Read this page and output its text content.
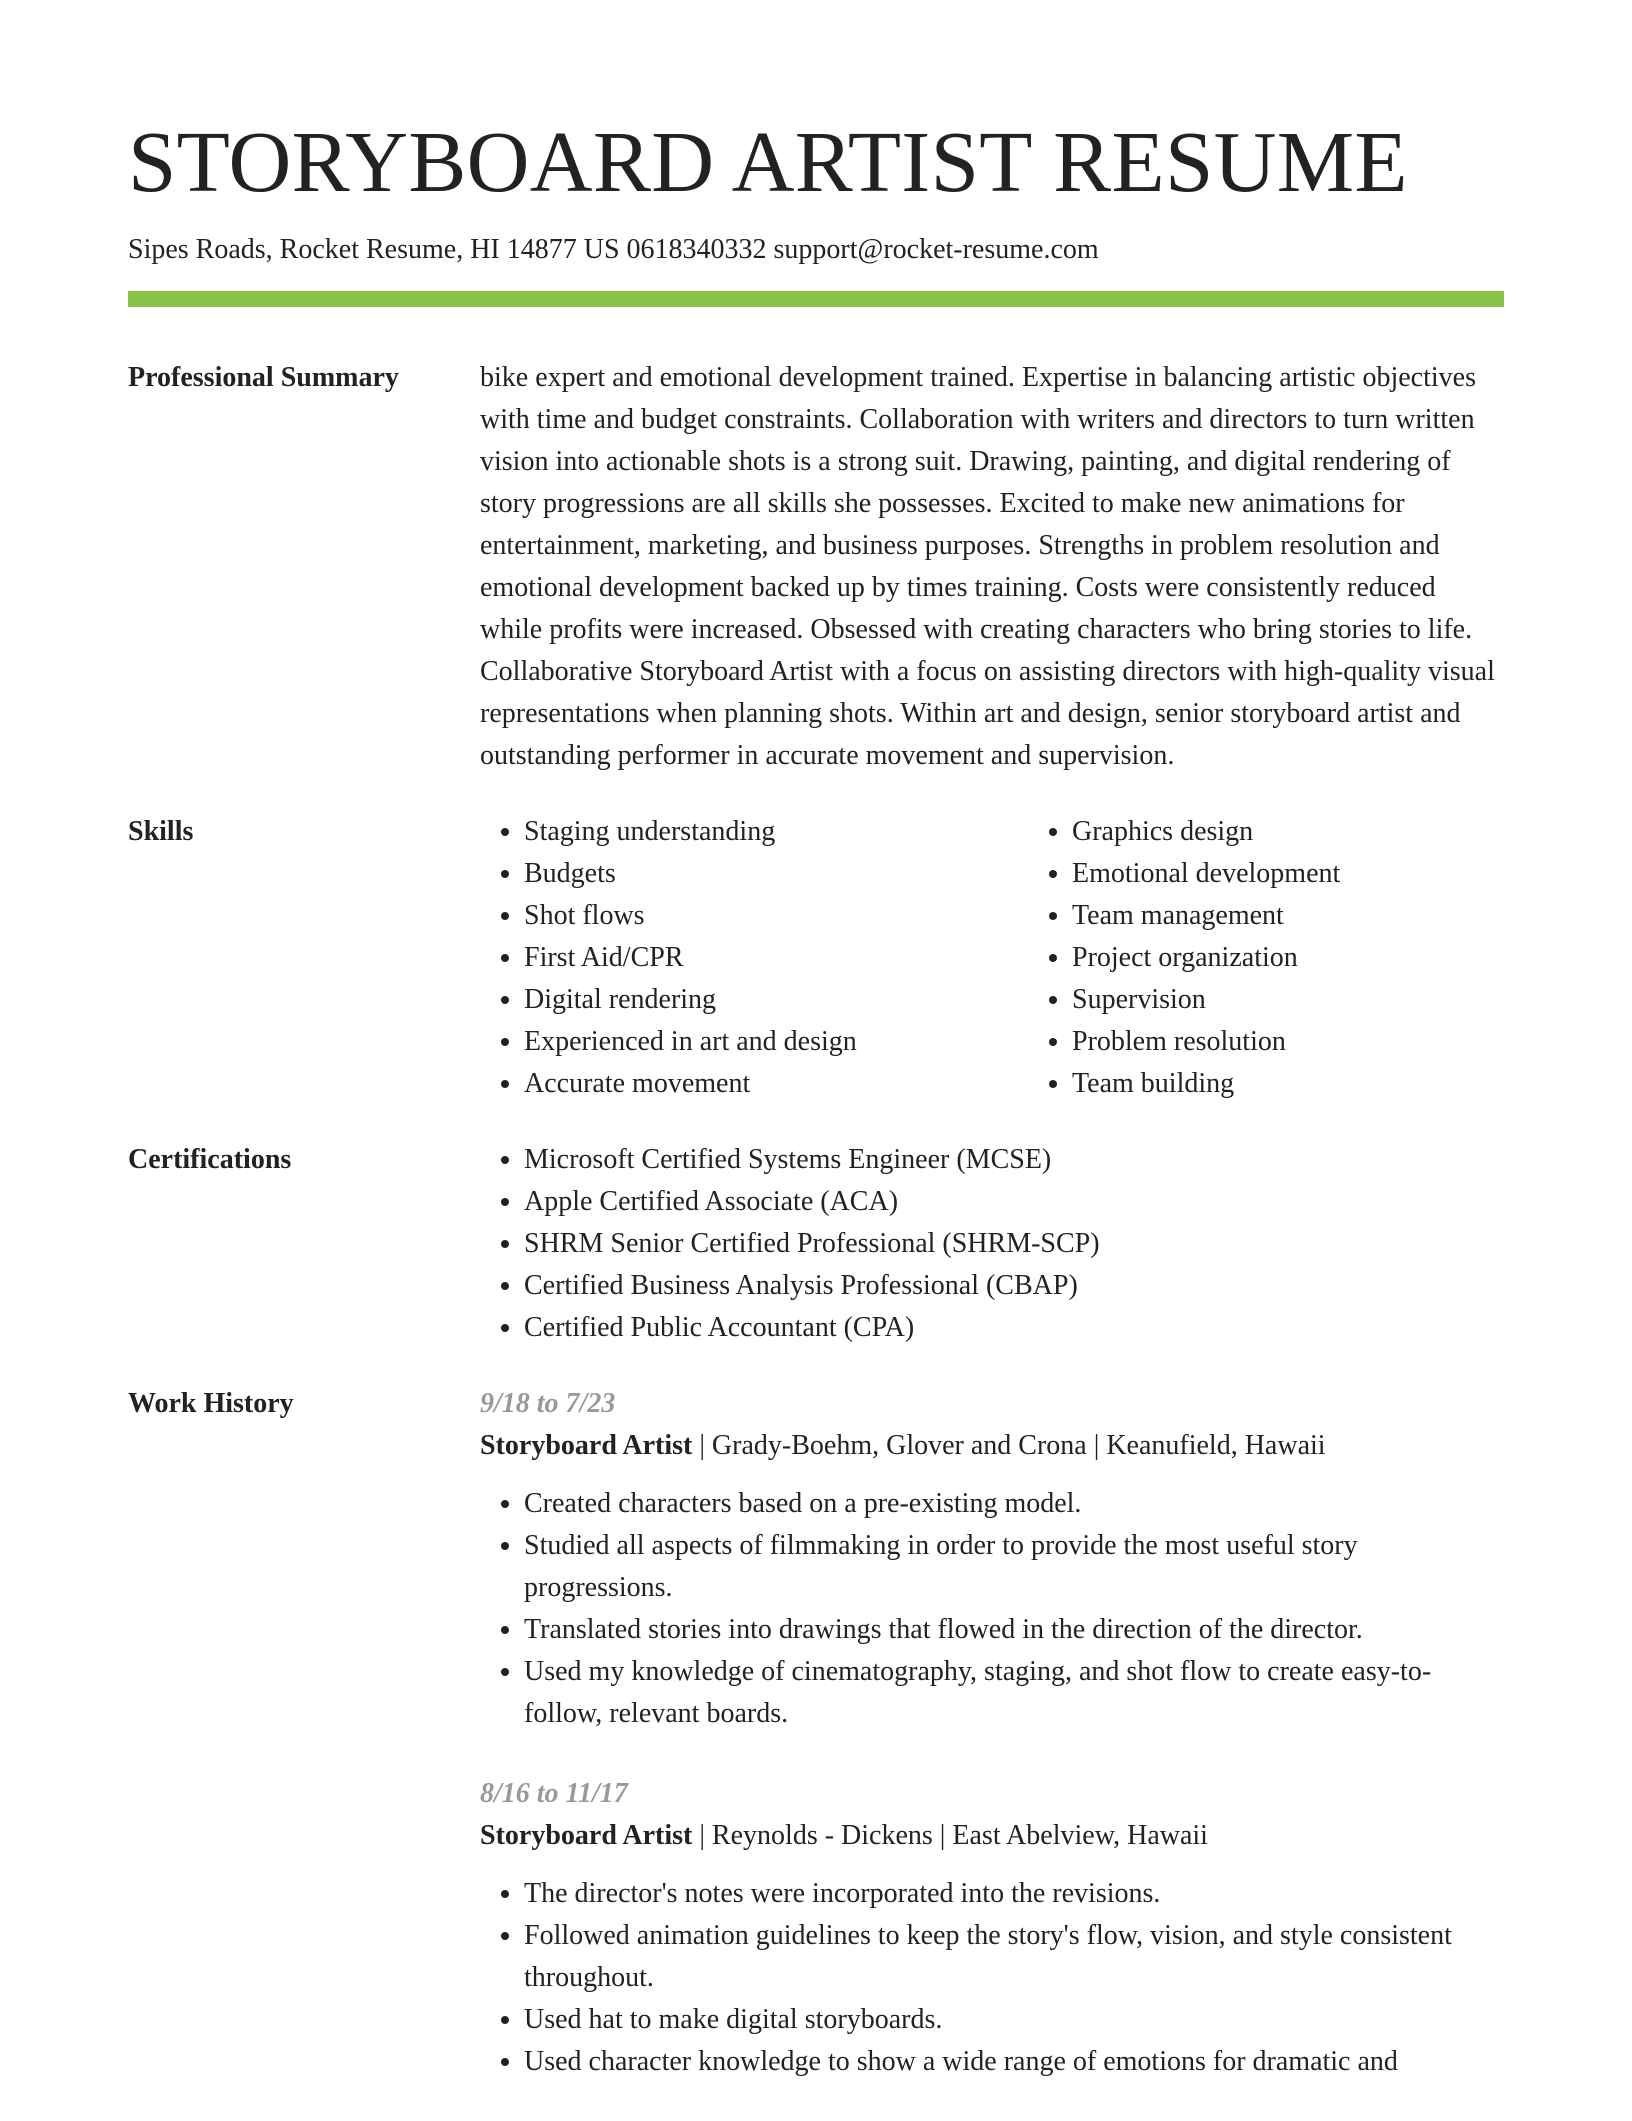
STORYBOARD ARTIST RESUME
Sipes Roads, Rocket Resume, HI 14877 US 0618340332 support@rocket-resume.com
Professional Summary	bike expert and emotional development trained. Expertise in balancing artistic objectives with time and budget constraints. Collaboration with writers and directors to turn written vision into actionable shots is a strong suit. Drawing, painting, and digital rendering of story progressions are all skills she possesses. Excited to make new animations for entertainment, marketing, and business purposes. Strengths in problem resolution and emotional development backed up by times training. Costs were consistently reduced while profits were increased. Obsessed with creating characters who bring stories to life. Collaborative Storyboard Artist with a focus on assisting directors with high-quality visual representations when planning shots. Within art and design, senior storyboard artist and outstanding performer in accurate movement and supervision.

Skills	• Staging understanding
• Budgets
• Shot flows
• First Aid/CPR
• Digital rendering
• Experienced in art and design
• Accurate movement
• Graphics design
• Emotional development
• Team management
• Project organization
• Supervision
• Problem resolution
• Team building
Certifications	• Microsoft Certified Systems Engineer (MCSE)
• Apple Certified Associate (ACA)
• SHRM Senior Certified Professional (SHRM-SCP)
• Certified Business Analysis Professional (CBAP)
• Certified Public Accountant (CPA)
Work History	9/18 to 7/23
Storyboard Artist | Grady-Boehm, Glover and Crona | Keanufield, Hawaii
• Created characters based on a pre-existing model.
• Studied all aspects of filmmaking in order to provide the most useful story progressions.
• Translated stories into drawings that flowed in the direction of the director.
• Used my knowledge of cinematography, staging, and shot flow to create easy-to-follow, relevant boards.
8/16 to 11/17
Storyboard Artist | Reynolds - Dickens | East Abelview, Hawaii
• The director's notes were incorporated into the revisions.
• Followed animation guidelines to keep the story's flow, vision, and style consistent throughout.
• Used hat to make digital storyboards.
• Used character knowledge to show a wide range of emotions for dramatic and
